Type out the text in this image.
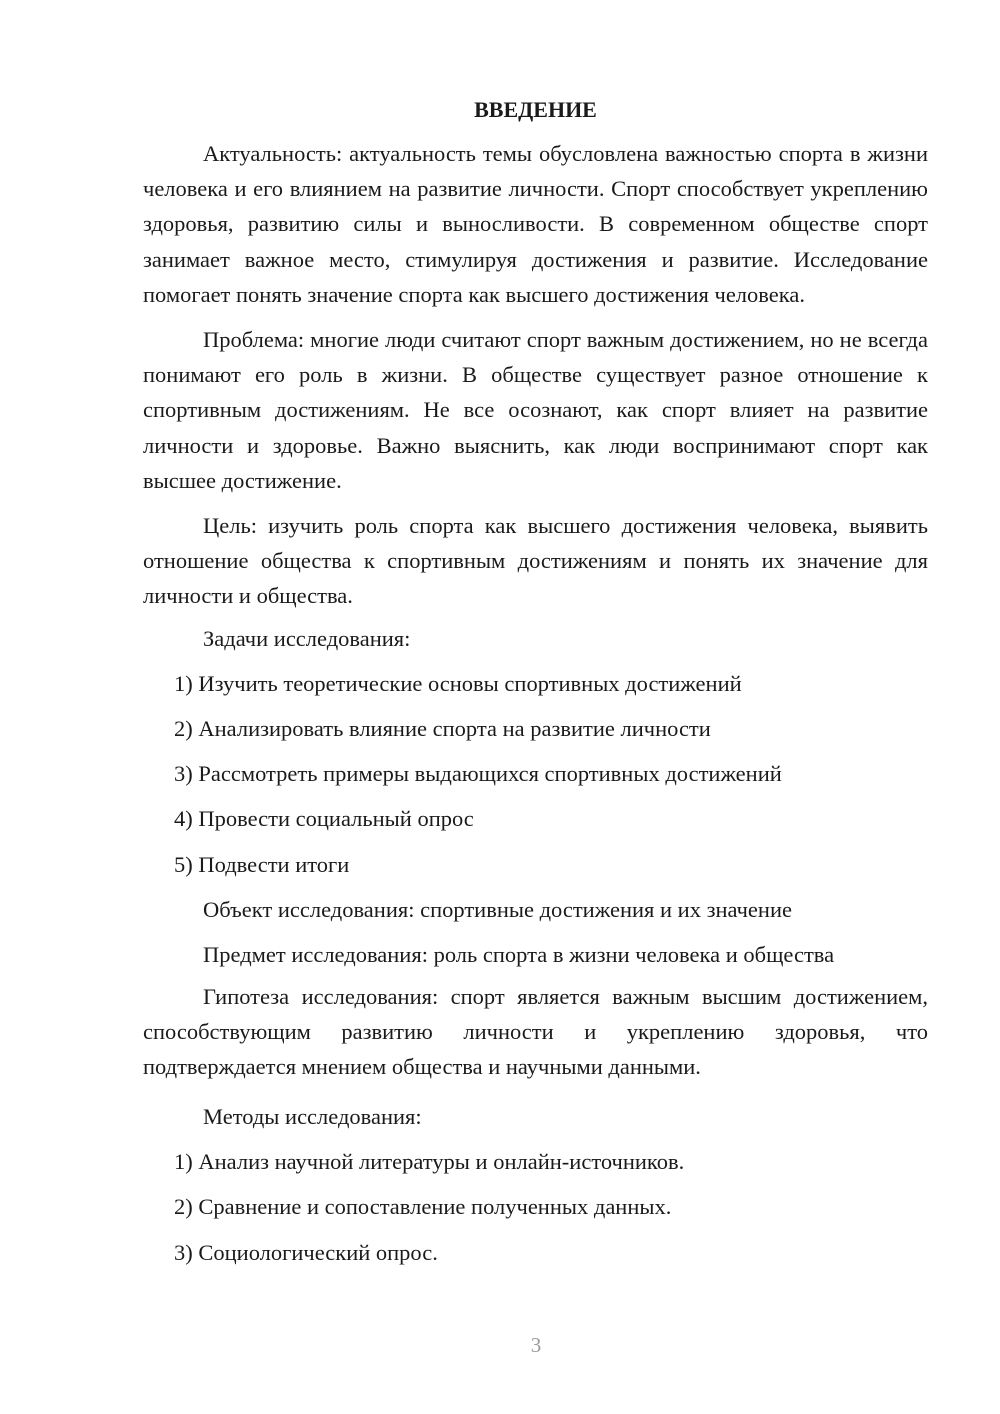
ВВЕДЕНИЕ

Актуальность: актуальность темы обусловлена важностью спорта в жизни человека и его влиянием на развитие личности. Спорт способствует укреплению здоровья, развитию силы и выносливости. В современном обществе спорт занимает важное место, стимулируя достижения и развитие. Исследование помогает понять значение спорта как высшего достижения человека.

Проблема: многие люди считают спорт важным достижением, но не всегда понимают его роль в жизни. В обществе существует разное отношение к спортивным достижениям. Не все осознают, как спорт влияет на развитие личности и здоровье. Важно выяснить, как люди воспринимают спорт как высшее достижение.

Цель: изучить роль спорта как высшего достижения человека, выявить отношение общества к спортивным достижениям и понять их значение для личности и общества.

Задачи исследования:
1) Изучить теоретические основы спортивных достижений
2) Анализировать влияние спорта на развитие личности
3) Рассмотреть примеры выдающихся спортивных достижений
4) Провести социальный опрос
5) Подвести итоги
Объект исследования: спортивные достижения и их значение
Предмет исследования: роль спорта в жизни человека и общества

Гипотеза исследования: спорт является важным высшим достижением, способствующим развитию личности и укреплению здоровья, что подтверждается мнением общества и научными данными.

Методы исследования:
1) Анализ научной литературы и онлайн-источников.
2) Сравнение и сопоставление полученных данных.
3) Социологический опрос.
3
